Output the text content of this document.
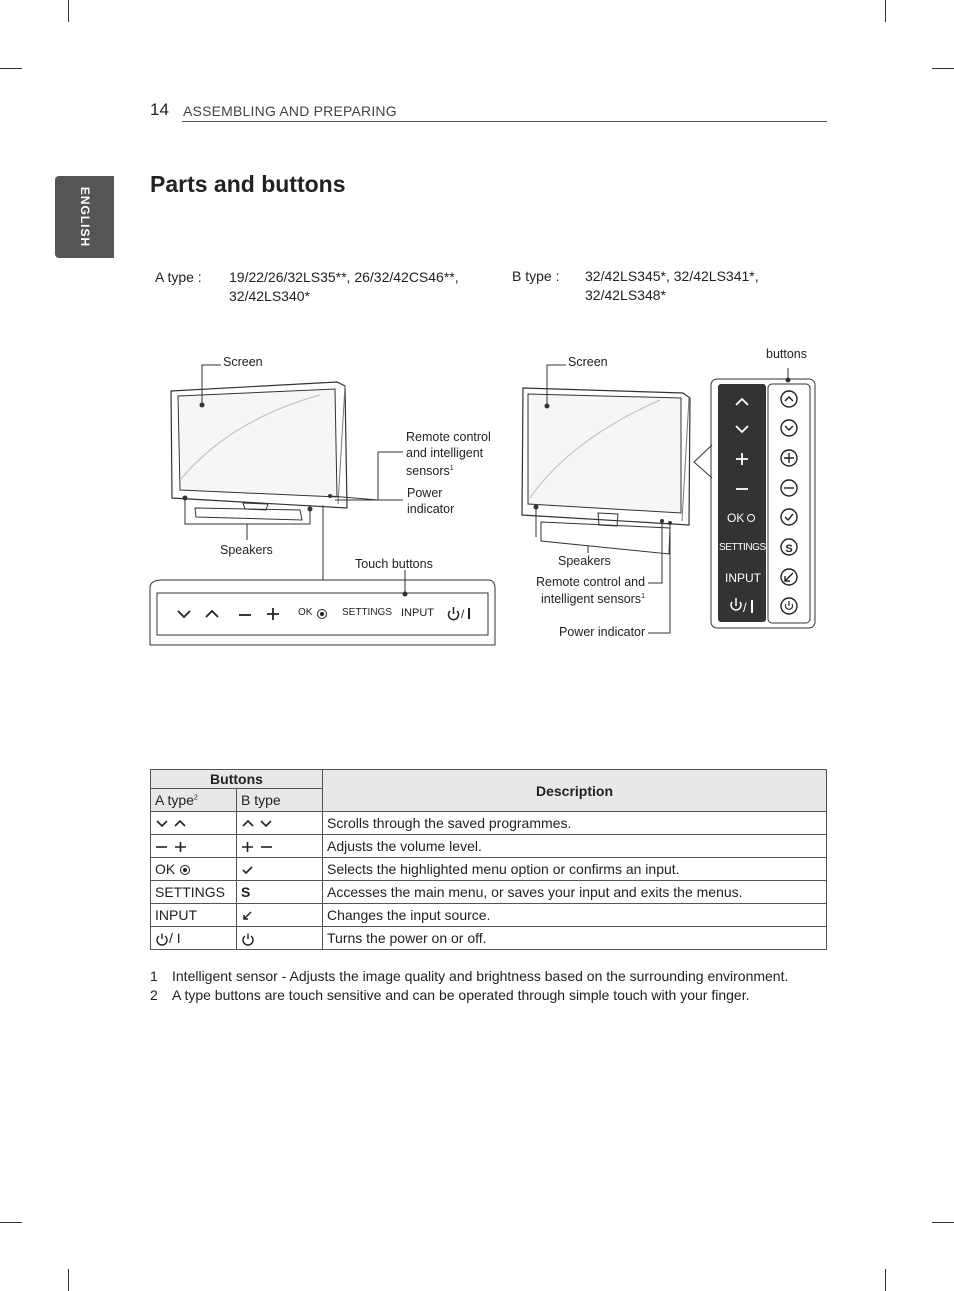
14 ASSEMBLING AND PREPARING
ENGLISH
Parts and buttons
A type : 19/22/26/32LS35**, 26/32/42CS46**,
32/42LS340*
B type : 32/42LS345*, 32/42LS341*,
32/42LS348*
/
Screen
Remote control
and intelligent
sensors$^1$
Power
indicator
Speakers
Touch buttons
OK	SETTINGS INPUT	/
S
Screen
buttons
Speakers
Remote control and
intelligent sensors$^1$
Power indicator
OK
SETTINGS
INPUT
Buttons		Description
A type$^2$	B type	
		Scrolls through the saved programmes.
		Adjusts the volume level.
OK		Selects the highlighted menu option or confirms an input.
SETTINGS	S	Accesses the main menu, or saves your input and exits the menus.
INPUT		Changes the input source.
/ I		Turns the power on or off.
1 Intelligent sensor - Adjusts the image quality and brightness based on the surrounding environment.
2 A type buttons are touch sensitive and can be operated through simple touch with your finger.
